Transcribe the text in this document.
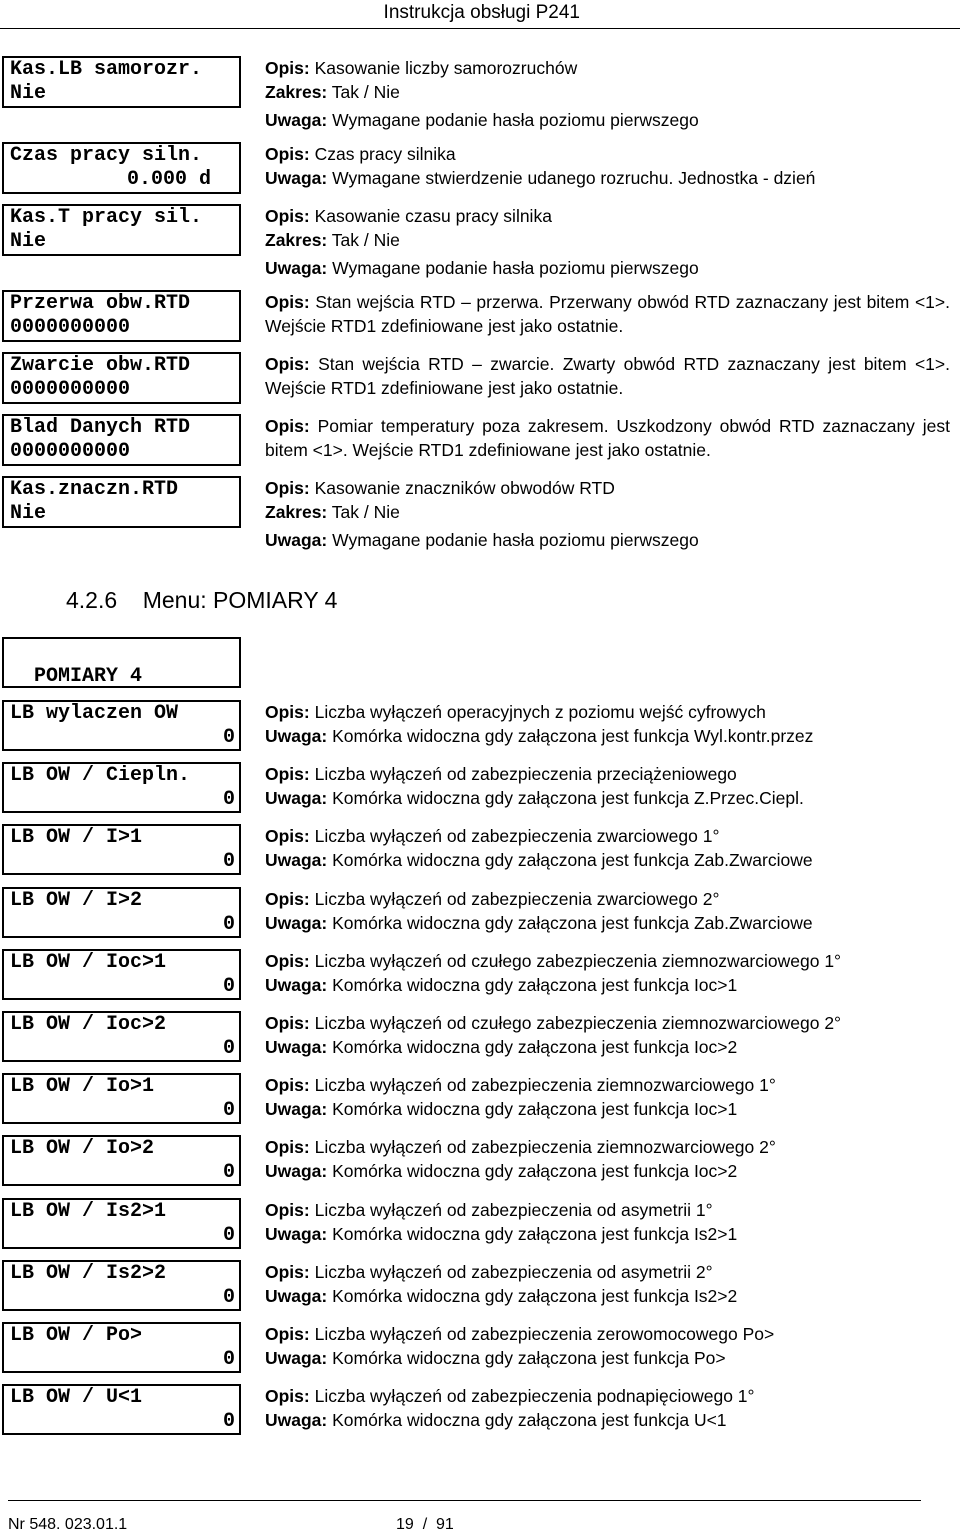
Instrukcja obsługi P241
Kas.LB samorozr.
Nie

Opis: Kasowanie liczby samorozruchów

Zakres: Tak / Nie

Uwaga: Wymagane podanie hasła poziomu pierwszego

Czas pracy siln.
0.000 d

Opis: Czas pracy silnika

Uwaga: Wymagane stwierdzenie udanego rozruchu. Jednostka - dzień

Kas.T pracy sil.
Nie

Opis: Kasowanie czasu pracy silnika

Zakres: Tak / Nie

Uwaga: Wymagane podanie hasła poziomu pierwszego

Przerwa obw.RTD
0000000000

Opis: Stan wejścia RTD – przerwa. Przerwany obwód RTD zaznaczany jest bitem <1>. Wejście RTD1 zdefiniowane jest jako ostatnie.

Zwarcie obw.RTD
0000000000

Opis: Stan wejścia RTD – zwarcie. Zwarty obwód RTD zaznaczany jest bitem <1>. Wejście RTD1 zdefiniowane jest jako ostatnie.

Blad Danych RTD
0000000000

Opis: Pomiar temperatury poza zakresem. Uszkodzony obwód RTD zaznaczany jest bitem <1>. Wejście RTD1 zdefiniowane jest jako ostatnie.

Kas.znaczn.RTD
Nie

Opis: Kasowanie znaczników obwodów RTD

Zakres: Tak / Nie

Uwaga: Wymagane podanie hasła poziomu pierwszego

4.2.6    Menu: POMIARY 4

POMIARY 4

LB wylaczen OW
0

Opis: Liczba wyłączeń operacyjnych z poziomu wejść cyfrowych

Uwaga: Komórka widoczna gdy załączona jest funkcja Wyl.kontr.przez

LB OW / Ciepln.
0

Opis: Liczba wyłączeń od zabezpieczenia przeciążeniowego

Uwaga: Komórka widoczna gdy załączona jest funkcja Z.Przec.Ciepl.

LB OW / I>1
0

Opis: Liczba wyłączeń od zabezpieczenia zwarciowego 1°

Uwaga: Komórka widoczna gdy załączona jest funkcja Zab.Zwarciowe

LB OW / I>2
0

Opis: Liczba wyłączeń od zabezpieczenia zwarciowego 2°

Uwaga: Komórka widoczna gdy załączona jest funkcja Zab.Zwarciowe

LB OW / Ioc>1
0

Opis: Liczba wyłączeń od czułego zabezpieczenia ziemnozwarciowego 1°

Uwaga: Komórka widoczna gdy załączona jest funkcja Ioc>1

LB OW / Ioc>2
0

Opis: Liczba wyłączeń od czułego zabezpieczenia ziemnozwarciowego 2°

Uwaga: Komórka widoczna gdy załączona jest funkcja Ioc>2

LB OW / Io>1
0

Opis: Liczba wyłączeń od zabezpieczenia ziemnozwarciowego 1°

Uwaga: Komórka widoczna gdy załączona jest funkcja Ioc>1

LB OW / Io>2
0

Opis: Liczba wyłączeń od zabezpieczenia ziemnozwarciowego 2°

Uwaga: Komórka widoczna gdy załączona jest funkcja Ioc>2

LB OW / Is2>1
0

Opis: Liczba wyłączeń od zabezpieczenia od asymetrii 1°

Uwaga: Komórka widoczna gdy załączona jest funkcja Is2>1

LB OW / Is2>2
0

Opis: Liczba wyłączeń od zabezpieczenia od asymetrii 2°

Uwaga: Komórka widoczna gdy załączona jest funkcja Is2>2

LB OW / Po>
0

Opis: Liczba wyłączeń od zabezpieczenia zerowomocowego Po>

Uwaga: Komórka widoczna gdy załączona jest funkcja Po>

LB OW / U<1
0

Opis: Liczba wyłączeń od zabezpieczenia podnapięciowego 1°

Uwaga: Komórka widoczna gdy załączona jest funkcja U<1

Nr 548. 023.01.1	19  /  91
